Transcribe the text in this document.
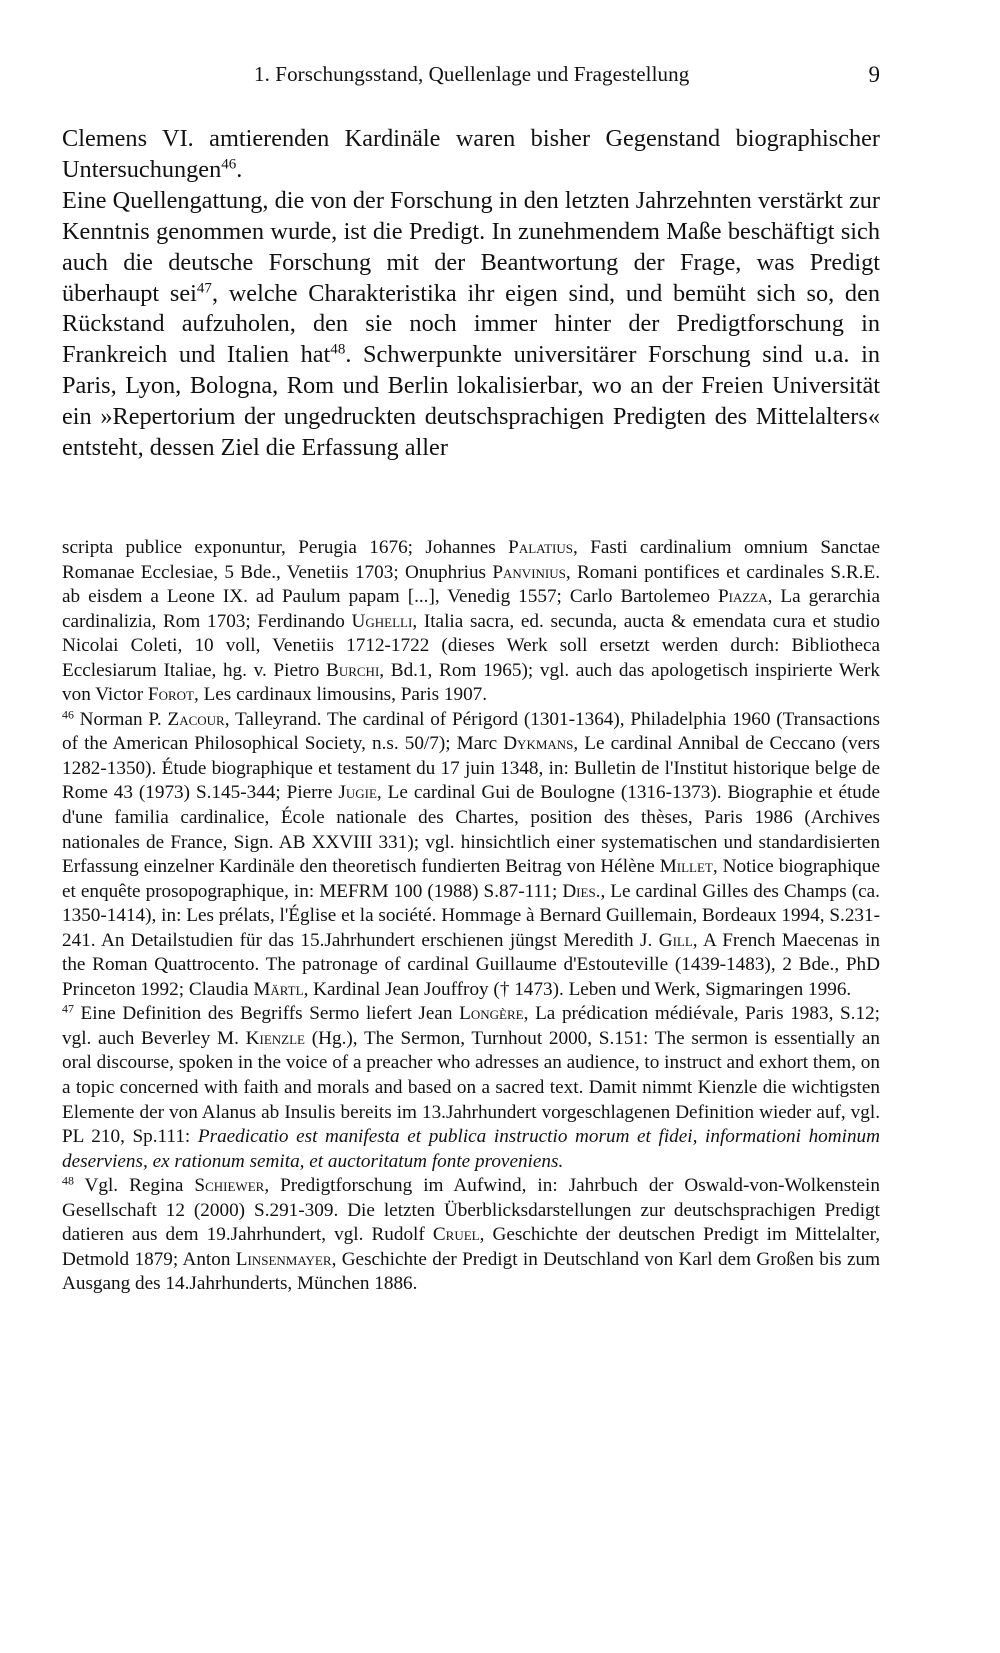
1. Forschungsstand, Quellenlage und Fragestellung	9

Clemens VI. amtierenden Kardinäle waren bisher Gegenstand biographischer Untersuchungen$^{46}$.

Eine Quellengattung, die von der Forschung in den letzten Jahrzehnten verstärkt zur Kenntnis genommen wurde, ist die Predigt. In zunehmendem Maße beschäftigt sich auch die deutsche Forschung mit der Beantwortung der Frage, was Predigt überhaupt sei$^{47}$, welche Charakteristika ihr eigen sind, und bemüht sich so, den Rückstand aufzuholen, den sie noch immer hinter der Predigtforschung in Frankreich und Italien hat$^{48}$. Schwerpunkte universitärer Forschung sind u.a. in Paris, Lyon, Bologna, Rom und Berlin lokalisierbar, wo an der Freien Universität ein »Repertorium der ungedruckten deutschsprachigen Predigten des Mittelalters« entsteht, dessen Ziel die Erfassung aller

scripta publice exponuntur, Perugia 1676; Johannes Palatius, Fasti cardinalium omnium Sanctae Romanae Ecclesiae, 5 Bde., Venetiis 1703; Onuphrius Panvinius, Romani pontifices et cardinales S.R.E. ab eisdem a Leone IX. ad Paulum papam [...], Venedig 1557; Carlo Bartolemeo Piazza, La gerarchia cardinalizia, Rom 1703; Ferdinando Ughelli, Italia sacra, ed. secunda, aucta & emendata cura et studio Nicolai Coleti, 10 voll, Venetiis 1712-1722 (dieses Werk soll ersetzt werden durch: Bibliotheca Ecclesiarum Italiae, hg. v. Pietro Burchi, Bd.1, Rom 1965); vgl. auch das apologetisch inspirierte Werk von Victor Forot, Les cardinaux limousins, Paris 1907.

$^{46}$ Norman P. Zacour, Talleyrand. The cardinal of Périgord (1301-1364), Philadelphia 1960 (Transactions of the American Philosophical Society, n.s. 50/7); Marc Dykmans, Le cardinal Annibal de Ceccano (vers 1282-1350). Étude biographique et testament du 17 juin 1348, in: Bulletin de l'Institut historique belge de Rome 43 (1973) S.145-344; Pierre Jugie, Le cardinal Gui de Boulogne (1316-1373). Biographie et étude d'une familia cardinalice, École nationale des Chartes, position des thèses, Paris 1986 (Archives nationales de France, Sign. AB XXVIII 331); vgl. hinsichtlich einer systematischen und standardisierten Erfassung einzelner Kardinäle den theoretisch fundierten Beitrag von Hélène Millet, Notice biographique et enquête prosopographique, in: MEFRM 100 (1988) S.87-111; Dies., Le cardinal Gilles des Champs (ca. 1350-1414), in: Les prélats, l'Église et la société. Hommage à Bernard Guillemain, Bordeaux 1994, S.231-241. An Detailstudien für das 15.Jahrhundert erschienen jüngst Meredith J. Gill, A French Maecenas in the Roman Quattrocento. The patronage of cardinal Guillaume d'Estouteville (1439-1483), 2 Bde., PhD Princeton 1992; Claudia Märtl, Kardinal Jean Jouffroy († 1473). Leben und Werk, Sigmaringen 1996.

$^{47}$ Eine Definition des Begriffs Sermo liefert Jean Longère, La prédication médiévale, Paris 1983, S.12; vgl. auch Beverley M. Kienzle (Hg.), The Sermon, Turnhout 2000, S.151: The sermon is essentially an oral discourse, spoken in the voice of a preacher who adresses an audience, to instruct and exhort them, on a topic concerned with faith and morals and based on a sacred text. Damit nimmt Kienzle die wichtigsten Elemente der von Alanus ab Insulis bereits im 13.Jahrhundert vorgeschlagenen Definition wieder auf, vgl. PL 210, Sp.111: Praedicatio est manifesta et publica instructio morum et fidei, informationi hominum deserviens, ex rationum semita, et auctoritatum fonte proveniens.

$^{48}$ Vgl. Regina Schiewer, Predigtforschung im Aufwind, in: Jahrbuch der Oswald-von-Wolkenstein Gesellschaft 12 (2000) S.291-309. Die letzten Überblicksdarstellungen zur deutschsprachigen Predigt datieren aus dem 19.Jahrhundert, vgl. Rudolf Cruel, Geschichte der deutschen Predigt im Mittelalter, Detmold 1879; Anton Linsenmayer, Geschichte der Predigt in Deutschland von Karl dem Großen bis zum Ausgang des 14.Jahrhunderts, München 1886.
